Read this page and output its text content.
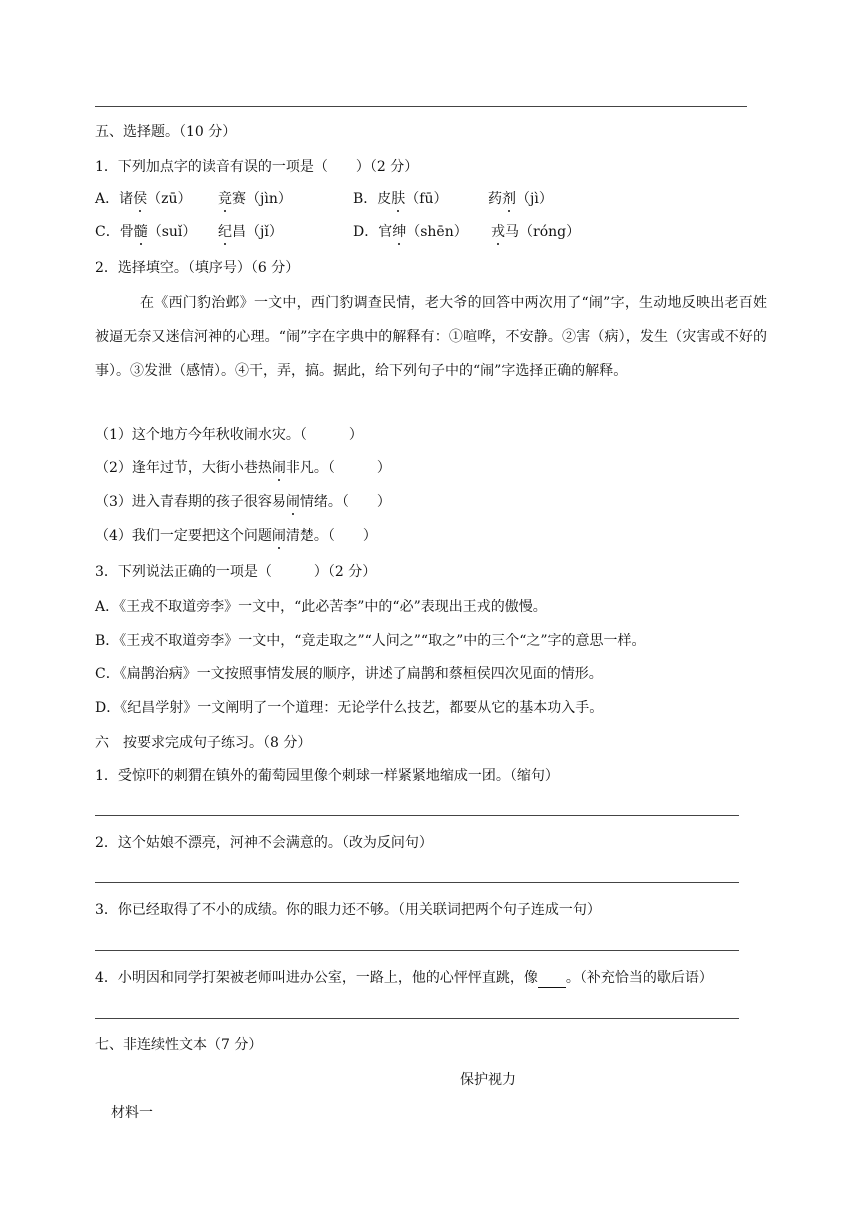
五、选择题。（10 分）
1．下列加点字的读音有误的一项是（　　）（2 分）
A．诸侯（zū） 竞赛（jìn）	B．皮肤（fū）	药剂（jì）
C．骨髓（suǐ） 纪昌（jǐ）	D．官绅（shēn） 戎马（róng）
2．选择填空。（填序号）（6 分）
在《西门豹治邺》一文中，西门豹调查民情，老大爷的回答中两次用了“闹”字，生动地反映出老百姓被逼无奈又迷信河神的心理。“闹”字在字典中的解释有：①喧哗，不安静。②害（病），发生（灾害或不好的事）。③发泄（感情）。④干，弄，搞。据此，给下列句子中的“闹”字选择正确的解释。
（1）这个地方今年秋收闹水灾。（　　　）
（2）逢年过节，大街小巷热闹非凡。（　　　）
（3）进入青春期的孩子很容易闹情绪。（　　）
（4）我们一定要把这个问题闹清楚。（　　）
3．下列说法正确的一项是（　　　）（2 分）
A．《王戎不取道旁李》一文中，“此必苦李”中的“必”表现出王戎的傲慢。
B．《王戎不取道旁李》一文中，“竞走取之”“人问之”“取之”中的三个“之”字的意思一样。
C．《扁鹊治病》一文按照事情发展的顺序，讲述了扁鹊和蔡桓侯四次见面的情形。
D．《纪昌学射》一文阐明了一个道理：无论学什么技艺，都要从它的基本功入手。
六　按要求完成句子练习。（8 分）
1．受惊吓的刺猬在镇外的葡萄园里像个刺球一样紧紧地缩成一团。（缩句）
2．这个姑娘不漂亮，河神不会满意的。（改为反问句）
3．你已经取得了不小的成绩。你的眼力还不够。（用关联词把两个句子连成一句）
4．小明因和同学打架被老师叫进办公室，一路上，他的心怦怦直跳，像 。（补充恰当的歇后语）
七、非连续性文本（7 分）
保护视力
材料一
